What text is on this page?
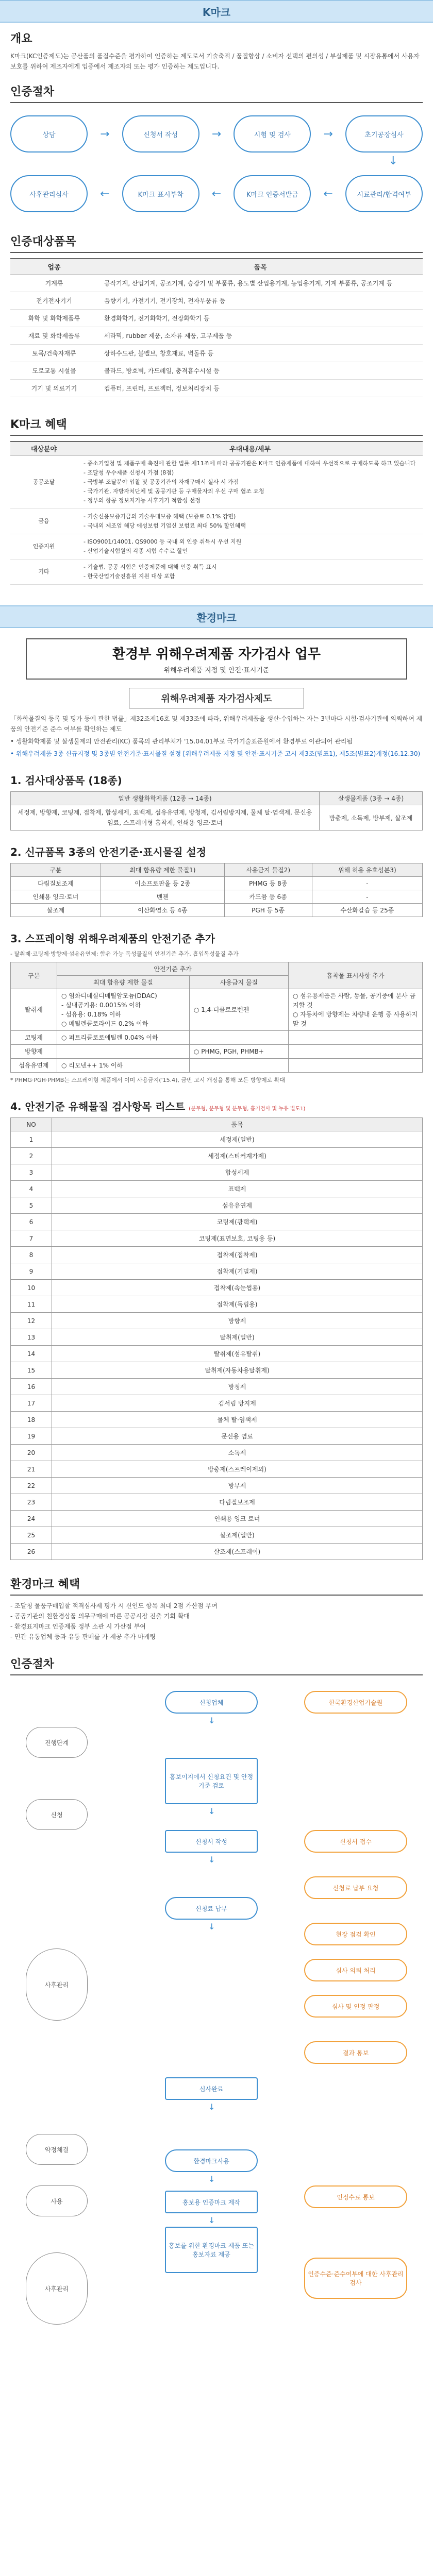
K마크
개요

K마크(KC인증제도)는 공산품의 품질수준을 평가하여 인증하는 제도로서 기술축적 / 품질향상 / 소비자 선택의 편의성 / 부실제품 및 시장유통에서 사용자 보호를 위하여 제조자에게 입증에서 제조자의 또는 평가 인증하는 제도입니다.

인증절차
상담	→	신청서 작성	→	시험 및 검사	→	초기공장심사
↓
사후관리심사	←	K마크 표시부착	←	K마크 인증서발급	←	시료관리/합격여부
인증대상품목
업종	품목
기계류	공작기계, 산업기계, 공조기계, 승강기 및 부품류, 용도별 산업용기계, 농업용기계, 기계 부품류, 공조기계 등
전기전자기기	음향기기, 가전기기, 전기장치, 전자부품류 등
화학 및 화학제품류	환경화학기, 전기화학기, 전장화학기 등
재료 및 화학제품류	세라믹, rubber 제품, 소자류 제품, 고무제품 등
토목/건축자재류	상하수도관, 볼밸브, 창호재료, 벽돌류 등
도로교통 시설물	볼라드, 방호벽, 가드레일, 충격흡수시설 등
기기 및 의료기기	컴퓨터, 프린터, 프로젝터, 정보처리장치 등
K마크 혜택
대상분야	우대내용/세부
공공조달	- 중소기업청 및 제품구매 촉진에 관한 법률 제11조에 따라 공공기관은 K마크 인증제품에 대하여 우선적으로 구매하도록 하고 있습니다
- 조달청 우수제품 신청시 가점 (8점)
- 국방부 조달분야 입찰 및 공공기관의 자재구매시 실사 시 가점
- 국가기관, 자방자치단체 및 공공기관 등 구매물자의 우선 구매 협조 요청
- 정부의 항공 정보지기능 사후기기 적합성 선정
금융	- 기술신용보증기금의 기술우대보증 혜택 (보증료 0.1% 감면)
- 국내외 제조업 해당 에성보험 기업신 보험료 최대 50% 할인혜택
인증지원	- ISO9001/14001, QS9000 등 국내 외 인증 취득시 우선 지원
- 산업기술시험원의 각종 시험 수수료 할인
기타	- 기술법, 공공 시험은 인증제품에 대해 인증 취득 표시
- 한국산업기술진흥원 지원 대상 포함
환경마크
환경부 위해우려제품 자가검사 업무
위해우려제품 지정 및 안전·표시기준
위해우려제품 자가검사제도

「화학물질의 등록 및 평가 등에 관한 법률」제32조제16호 및 제33조에 따라, 위해우려제품을 생산·수입하는 자는 3년마다 시험·검사기관에 의뢰하여 제품의 안전기준 준수 여부를 확인하는 제도

• 생활화학제품 및 살생물제의 안전관리(KC) 품목의 관리부처가 '15.04.01부로 국가기술표준원에서 환경부로 이관되어 관리됨

• 위해우려제품 3종 신규지정 및 3종별 안전기준·표시물질 설정 [위해우려제품 지정 및 안전·표시기준 고시 제3조(별표1), 제5조(별표2)개정(16.12.30)

1. 검사대상품목 (18종)
일반 생활화학제품 (12종 → 14종)	살생물제품 (3종 → 4종)
세정제, 방향제, 코팅제, 접착제, 합성세제, 표백제, 섬유유연제, 방청제, 김서림방지제, 물체 탈·염색제, 문신용 염료, 스프레이형 흡착제, 인쇄용 잉크·토너	방충제, 소독제, 방부제, 살조제
2. 신규품목 3종의 안전기준·표시물질 설정
구분	최대 함유량 제한 물질1)	사용금지 물질2)	위해 허용 유효성분3)
다림질보조제	이소프로판올 등 2종	PHMG 등 8종	-
인쇄용 잉크·토너	벤젠	카드뮴 등 6종	-
살조제	이산화염소 등 4종	PGH 등 5종	수산화칼슘 등 25종
3. 스프레이형 위해우려제품의 안전기준 추가
- 탈취제·코팅제·방향제·섬유유연제: 함유 가능 독성물질의 안전기준 추가, 흡입독성물질 추가
구분	안전기준 추가		흡착물 표시사항 추가
	최대 함유량 제한 물질	사용금지 물질	
탈취제	○ 염화디데실디메틸암모늄(DDAC)
- 실내공기용: 0.0015% 이하
- 섬유용: 0.18% 이하
○ 메틸렌클로라이드 0.2% 이하	○ 1,4-디클로로벤젠	○ 섬유용제품은 사람, 동물, 공기중에 분사 금지할 것
○ 자동차에 방향제는 차량내 운행 중 사용하지 말 것
코팅제	○ 퍼트리클로로에틸렌 0.04% 이하		
방향제		○ PHMG, PGH, PHMB+	
섬유유연제	○ 리모넨++ 1% 이하		
* PHMG·PGH·PHMB는 스프레이형 제품에서 이미 사용금지('15.4), 금번 고시 개정을 통해 모든 방향제로 확대
4. 안전기준 유해물질 검사항목 리스트 (분무형, 분무형 및 분무형, 흡기검사 및 누유 별도1)
NO	품목
1	세정제(일반)
2	세정제(스티커계가제)
3	합성세제
4	표백제
5	섬유유연제
6	코팅제(광택제)
7	코팅제(표면보호, 코팅용 등)
8	접착제(접착제)
9	접착제(기밀제)
10	접착제(속눈썹용)
11	접착제(독립용)
12	방향제
13	탈취제(일반)
14	탈취제(섬유탈취)
15	탈취제(자동차용탈취제)
16	방청제
17	김서림 방지제
18	물체 탈·염색제
19	문신용 염료
20	소독제
21	방충제(스프레이제외)
22	방부제
23	다림질보조제
24	인쇄용 잉크 토너
25	살조제(일반)
26	살조제(스프레이)
환경마크 혜택

- 조달청 물품구매입찰 적격심사제 평가 시 신인도 항목 최대 2점 가산점 부여

- 공공기관의 친환경상품 의무구매에 따른 공공시장 진출 기회 확대

- 환경표지마크 인증제품 정부 소관 시 가산점 부여

- 민간 유통업체 등과 유통 판매를 가 제공 추가 마케팅

인증절차
진행단계
신청
사후관리
약정체결
사용
사후관리
신청업체
↓
홍보이지에서 신청요건 및 안정기준 검토
↓
신청서 작성
↓
신청료 납부
↓
심사완료
↓
환경마크사용
↓
홍보용 인증마크 제작
↓
홍보를 위한 환경마크 제품 또는 홍보자료 제공
한국환경산업기술원
신청서 접수
신청료 납부 요청
현장 점검 확인
심사 의뢰 처리
심사 및 인정 판정
결과 통보
인정수료 통보
인증수준·준수여부에 대한 사후관리 검사
